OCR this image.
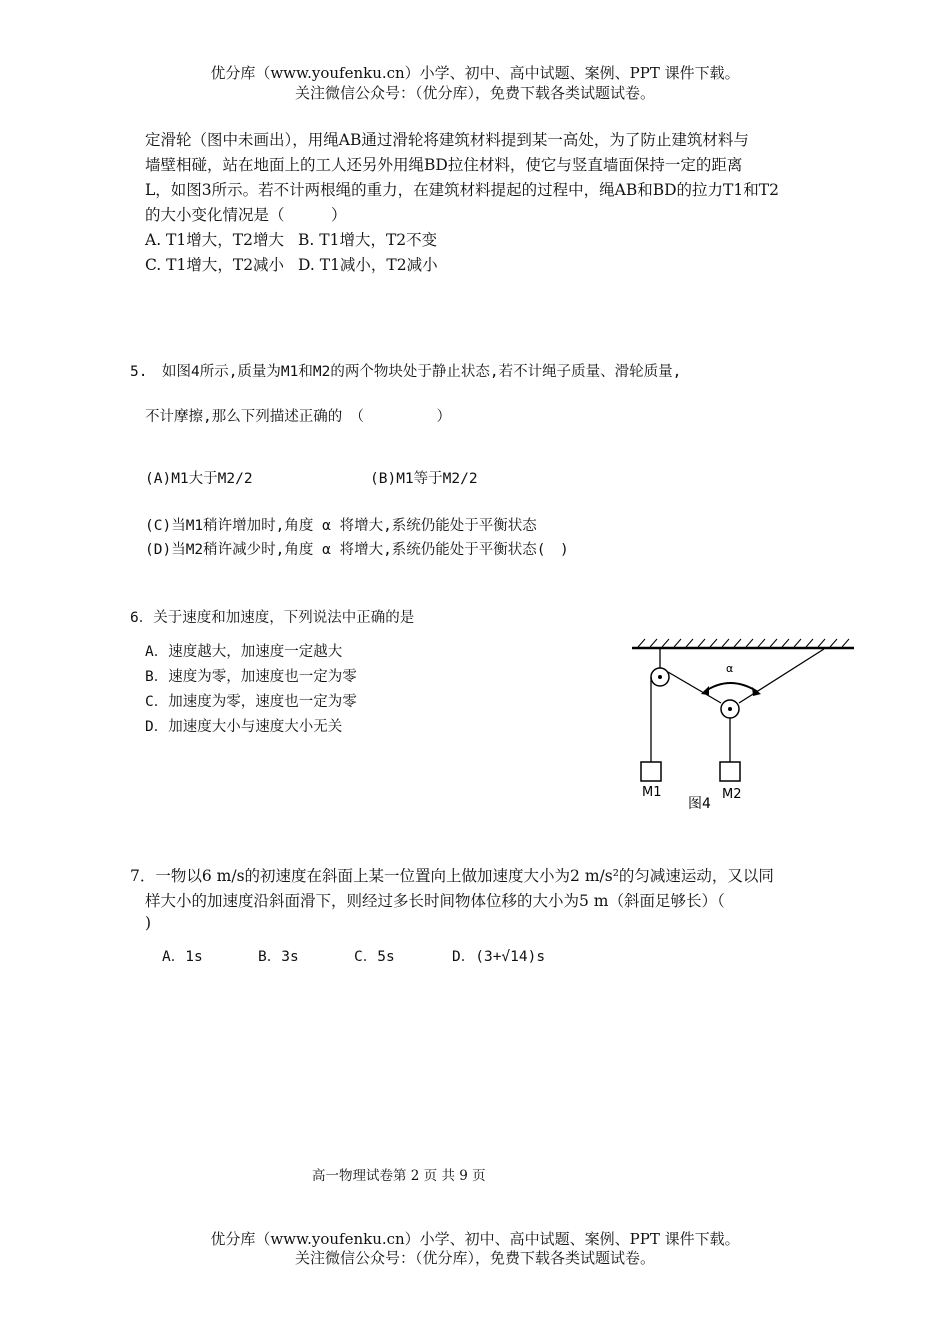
优分库（www.youfenku.cn）小学、初中、高中试题、案例、PPT 课件下载。
关注微信公众号：（优分库），免费下载各类试题试卷。
定滑轮（图中未画出），用绳AB通过滑轮将建筑材料提到某一高处，为了防止建筑材料与
墙壁相碰，站在地面上的工人还另外用绳BD拉住材料，使它与竖直墙面保持一定的距离
L，如图3所示。若不计两根绳的重力，在建筑材料提起的过程中，绳AB和BD的拉力T1和T2
的大小变化情况是（　　　）
A. T1增大，T2增大 B. T1增大，T2不变
C. T1增大，T2减小 D. T1减小，T2减小
5.　如图4所示,质量为M1和M2的两个物块处于静止状态,若不计绳子质量、滑轮质量,
不计摩擦,那么下列描述正确的　（　　　　　）
(A)M1大于M2/2	(B)M1等于M2/2
(C)当M1稍许增加时,角度 α 将增大,系统仍能处于平衡状态
(D)当M2稍许减少时,角度 α 将增大,系统仍能处于平衡状态(　)
6．关于速度和加速度，下列说法中正确的是
A．速度越大，加速度一定越大
B．速度为零，加速度也一定为零
C．加速度为零，速度也一定为零
D．加速度大小与速度大小无关
α
M1	M2
图4
7．一物以6 m/s的初速度在斜面上某一位置向上做加速度大小为2 m/s²的匀减速运动，又以同
样大小的加速度沿斜面滑下，则经过多长时间物体位移的大小为5 m（斜面足够长）（
)
A．1s	B．3s	C．5s	D．(3+√14)s
高一物理试卷第 2 页 共 9 页
优分库（www.youfenku.cn）小学、初中、高中试题、案例、PPT 课件下载。
关注微信公众号：（优分库），免费下载各类试题试卷。
